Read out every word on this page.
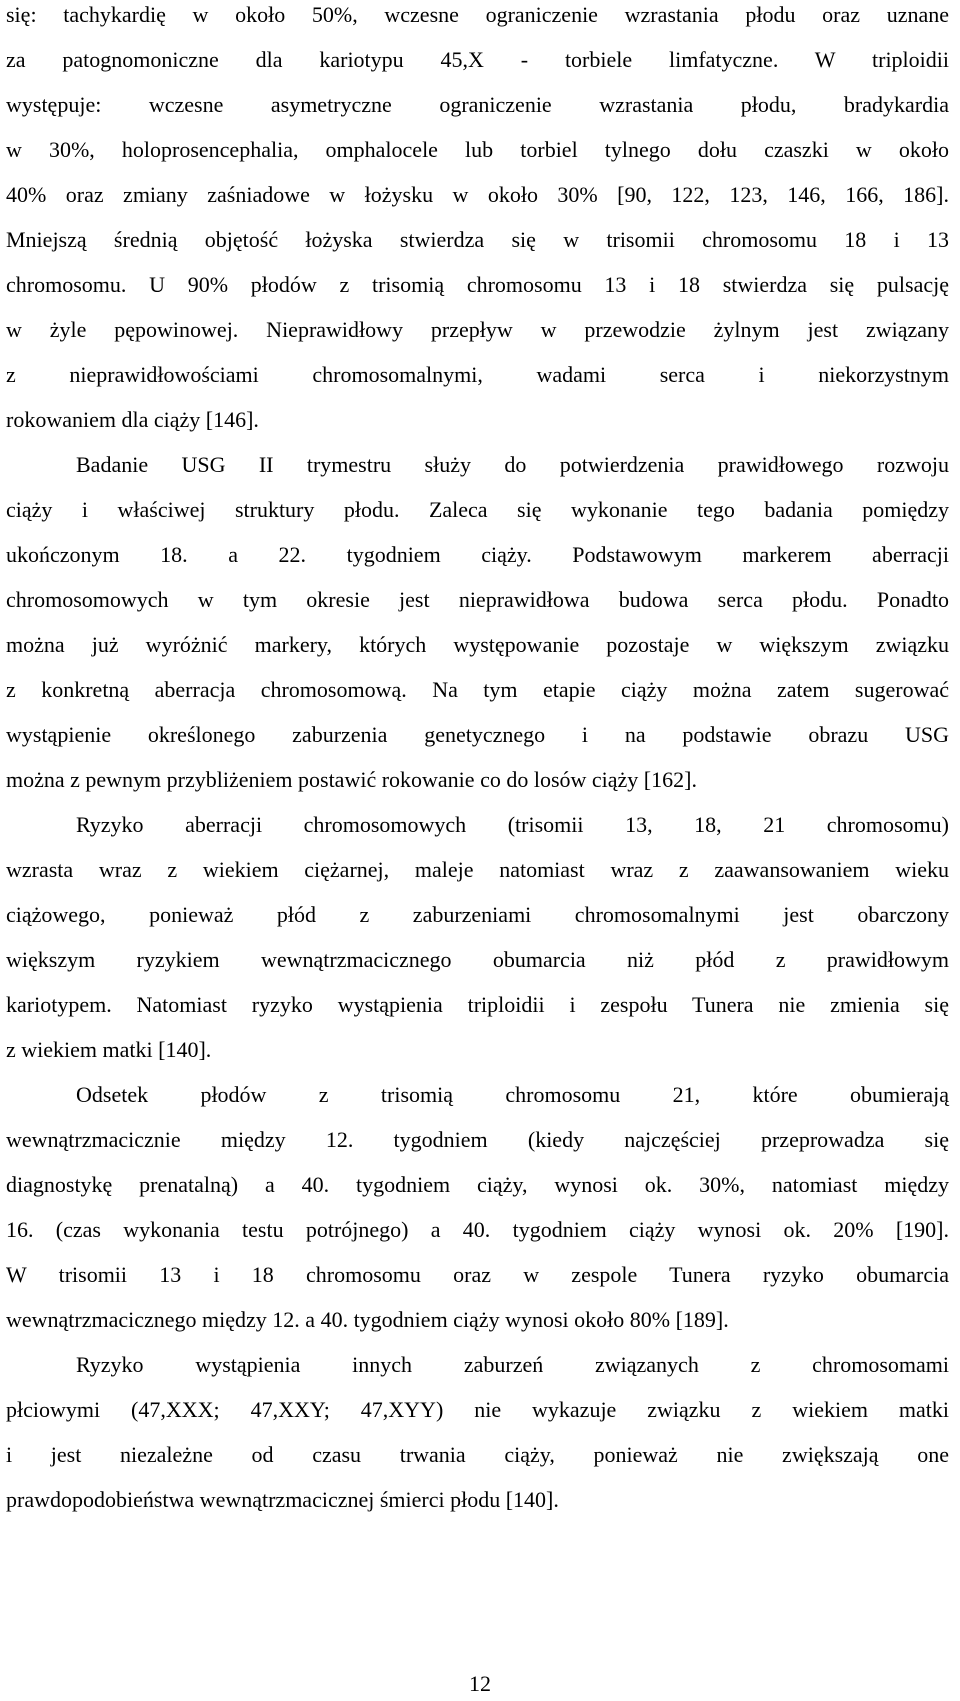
się: tachykardię w około 50%, wczesne ograniczenie wzrastania płodu oraz uznane
za patognomoniczne dla kariotypu 45,X - torbiele limfatyczne. W triploidii
występuje: wczesne asymetryczne ograniczenie wzrastania płodu, bradykardia
w 30%, holoprosencephalia, omphalocele lub torbiel tylnego dołu czaszki w około
40% oraz zmiany zaśniadowe w łożysku w około 30% [90, 122, 123, 146, 166, 186].
Mniejszą średnią objętość łożyska stwierdza się w trisomii chromosomu 18 i 13
chromosomu. U 90% płodów z trisomią chromosomu 13 i 18 stwierdza się pulsację
w żyle pępowinowej. Nieprawidłowy przepływ w przewodzie żylnym jest związany
z nieprawidłowościami chromosomalnymi, wadami serca i niekorzystnym
rokowaniem dla ciąży [146].
Badanie USG II trymestru służy do potwierdzenia prawidłowego rozwoju
ciąży i właściwej struktury płodu. Zaleca się wykonanie tego badania pomiędzy
ukończonym 18. a 22. tygodniem ciąży. Podstawowym markerem aberracji
chromosomowych w tym okresie jest nieprawidłowa budowa serca płodu. Ponadto
można już wyróżnić markery, których występowanie pozostaje w większym związku
z konkretną aberracja chromosomową. Na tym etapie ciąży można zatem sugerować
wystąpienie określonego zaburzenia genetycznego i na podstawie obrazu USG
można z pewnym przybliżeniem postawić rokowanie co do losów ciąży [162].
Ryzyko aberracji chromosomowych (trisomii 13, 18, 21 chromosomu)
wzrasta wraz z wiekiem ciężarnej, maleje natomiast wraz z zaawansowaniem wieku
ciążowego, ponieważ płód z zaburzeniami chromosomalnymi jest obarczony
większym ryzykiem wewnątrzmacicznego obumarcia niż płód z prawidłowym
kariotypem. Natomiast ryzyko wystąpienia triploidii i zespołu Tunera nie zmienia się
z wiekiem matki [140].
Odsetek płodów z trisomią chromosomu 21, które obumierają
wewnątrzmacicznie między 12. tygodniem (kiedy najczęściej przeprowadza się
diagnostykę prenatalną) a 40. tygodniem ciąży, wynosi ok. 30%, natomiast między
16. (czas wykonania testu potrójnego) a 40. tygodniem ciąży wynosi ok. 20% [190].
W trisomii 13 i 18 chromosomu oraz w zespole Tunera ryzyko obumarcia
wewnątrzmacicznego między 12. a 40. tygodniem ciąży wynosi około 80% [189].
Ryzyko wystąpienia innych zaburzeń związanych z chromosomami
płciowymi (47,XXX; 47,XXY; 47,XYY) nie wykazuje związku z wiekiem matki
i jest niezależne od czasu trwania ciąży, ponieważ nie zwiększają one
prawdopodobieństwa wewnątrzmacicznej śmierci płodu [140].
12
